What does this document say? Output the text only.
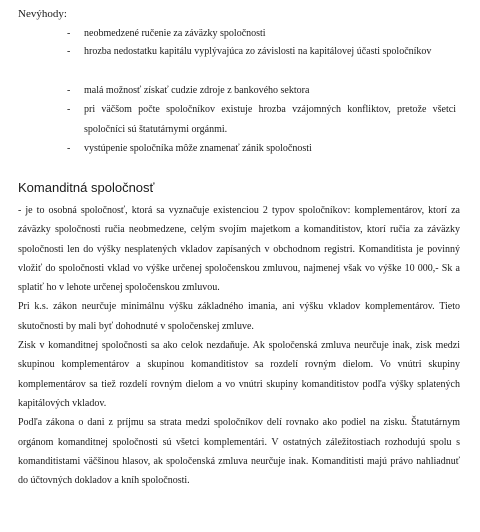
Nevýhody:
- neobmedzené ručenie za záväzky spoločnosti
- hrozba nedostatku kapitálu vyplývajúca zo závislosti na kapitálovej účasti spoločníkov
- malá možnosť získať cudzie zdroje z bankového sektora
- pri väčšom počte spoločníkov existuje hrozba vzájomných konfliktov, pretože všetci spoločníci sú štatutárnymi orgánmi.
- vystúpenie spoločníka môže znamenať zánik spoločnosti
Komanditná spoločnosť

- je to osobná spoločnosť, ktorá sa vyznačuje existenciou 2 typov spoločníkov: komplementárov, ktorí za záväzky spoločnosti ručia neobmedzene, celým svojím majetkom a komanditistov, ktorí ručia za záväzky spoločnosti len do výšky nesplatených vkladov zapísaných v obchodnom registri. Komanditista je povinný vložiť do spoločnosti vklad vo výške určenej spoločenskou zmluvou, najmenej však vo výške 10 000,- Sk a splatiť ho v lehote určenej spoločenskou zmluvou.

Pri k.s. zákon neurčuje minimálnu výšku základného imania, ani výšku vkladov komplementárov. Tieto skutočnosti by mali byť dohodnuté v spoločenskej zmluve.

Zisk v komanditnej spoločnosti sa ako celok nezdaňuje. Ak spoločenská zmluva neurčuje inak, zisk medzi skupinou komplementárov a skupinou komanditistov sa rozdelí rovným dielom. Vo vnútri skupiny komplementárov sa tiež rozdelí rovným dielom a vo vnútri skupiny komanditistov podľa výšky splatených kapitálových vkladov.

Podľa zákona o dani z príjmu sa strata medzi spoločníkov delí rovnako ako podiel na zisku. Štatutárnym orgánom komanditnej spoločnosti sú všetci komplementári. V ostatných záležitostiach rozhodujú spolu s komanditistami väčšinou hlasov, ak spoločenská zmluva neurčuje inak. Komanditisti majú právo nahliadnuť do účtovných dokladov a kníh spoločnosti.
